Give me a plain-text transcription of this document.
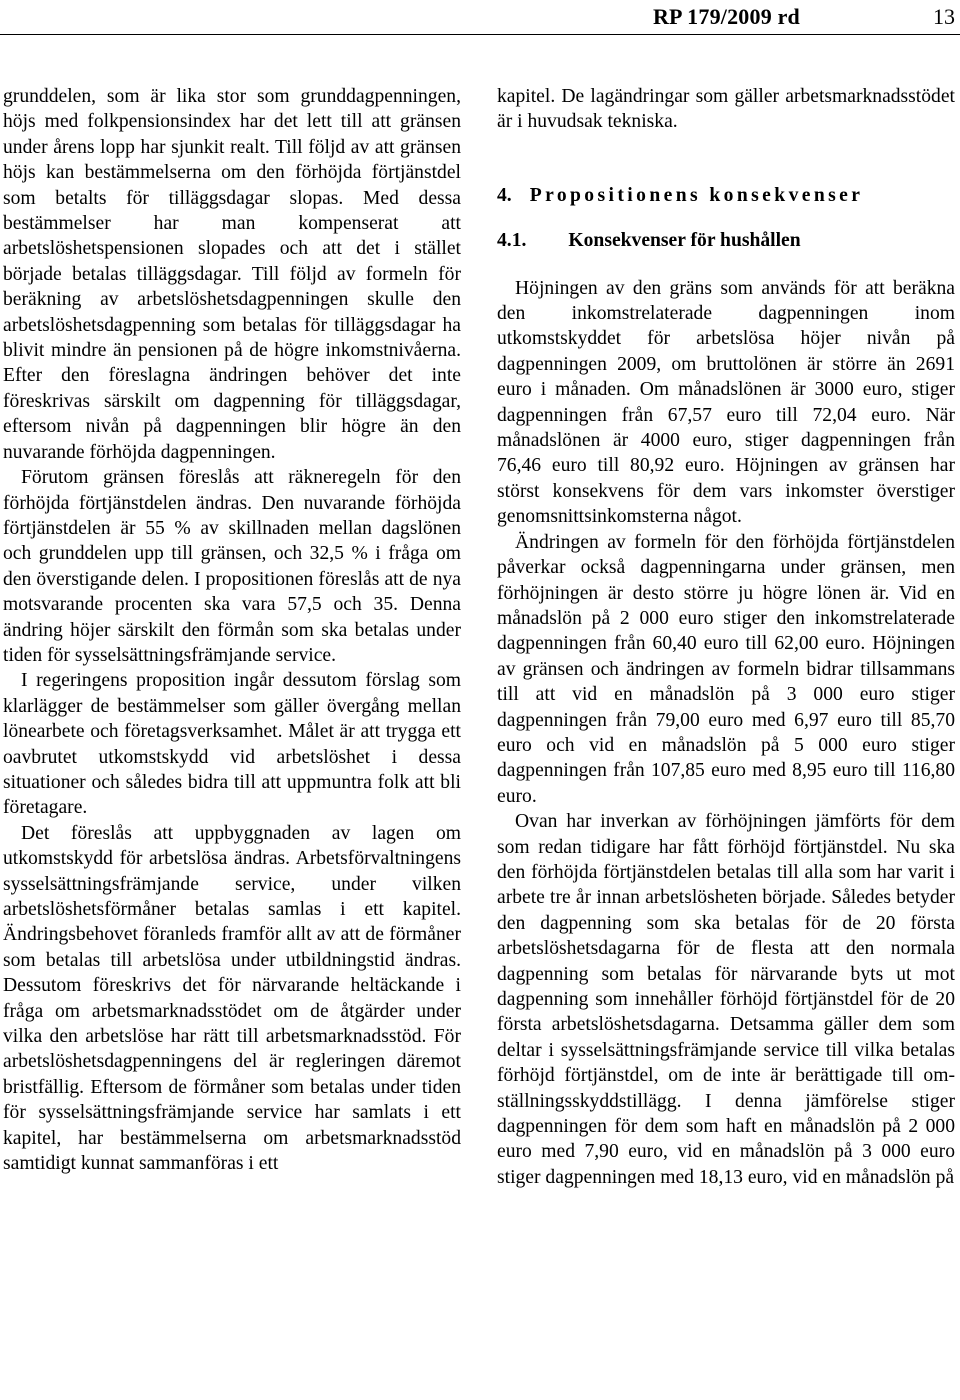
RP 179/2009 rd	13

grunddelen, som är lika stor som grunddagpenningen, höjs med folkpensionsindex har det lett till att gränsen under årens lopp har sjunkit realt. Till följd av att gränsen höjs kan bestämmelserna om den förhöjda förtjänstdel som betalts för tilläggsdagar slopas. Med dessa bestämmelser har man kompenserat att arbetslöshetspensionen slopades och att det i stället började betalas tilläggsdagar. Till följd av formeln för beräkning av arbetslöshetsdagpenningen skulle den arbetslöshetsdagpenning som betalas för tilläggsdagar ha blivit mindre än pensionen på de högre inkomstnivåerna. Efter den föreslagna ändringen behöver det inte föreskrivas särskilt om dagpenning för tilläggsdagar, eftersom nivån på dagpenningen blir högre än den nuvarande förhöjda dagpenningen.

Förutom gränsen föreslås att räkneregeln för den förhöjda förtjänstdelen ändras. Den nuvarande förhöjda förtjänstdelen är 55 % av skillnaden mellan dagslönen och grunddelen upp till gränsen, och 32,5 % i fråga om den överstigande delen. I propositionen föreslås att de nya motsvarande procenten ska vara 57,5 och 35. Denna ändring höjer särskilt den förmån som ska betalas under tiden för sysselsättningsfrämjande service.

I regeringens proposition ingår dessutom förslag som klarlägger de bestämmelser som gäller övergång mellan lönearbete och företagsverksamhet. Målet är att trygga ett oavbrutet utkomstskydd vid arbetslöshet i dessa situationer och således bidra till att uppmuntra folk att bli företagare.

Det föreslås att uppbyggnaden av lagen om utkomstskydd för arbetslösa ändras. Arbetsförvaltningens sysselsättningsfrämjande service, under vilken arbetslöshetsförmåner betalas samlas i ett kapitel. Ändringsbehovet föranleds framför allt av att de förmåner som betalas till arbetslösa under utbildningstid ändras. Dessutom föreskrivs det för närvarande heltäckande i fråga om arbetsmarknadsstödet om de åtgärder under vilka den arbetslöse har rätt till arbetsmarknadsstöd. För arbetslöshetsdagpenningens del är regleringen däremot bristfällig. Eftersom de förmåner som betalas under tiden för sysselsättningsfrämjande service har samlats i ett kapitel, har bestämmelserna om arbetsmarknadsstöd samtidigt kunnat sammanföras i ett

kapitel. De lagändringar som gäller arbetsmarknadsstödet är i huvudsak tekniska.

4. Propositionens konsekvenser
4.1. Konsekvenser för hushållen

Höjningen av den gräns som används för att beräkna den inkomstrelaterade dagpenningen inom utkomstskyddet för arbetslösa höjer nivån på dagpenningen 2009, om bruttolönen är större än 2691 euro i månaden. Om månadslönen är 3000 euro, stiger dagpenningen från 67,57 euro till 72,04 euro. När månadslönen är 4000 euro, stiger dagpenningen från 76,46 euro till 80,92 euro. Höjningen av gränsen har störst konsekvens för dem vars inkomster överstiger genomsnittsinkomsterna något.

Ändringen av formeln för den förhöjda förtjänstdelen påverkar också dagpenningarna under gränsen, men förhöjningen är desto större ju högre lönen är. Vid en månadslön på 2 000 euro stiger den inkomstrelaterade dagpenningen från 60,40 euro till 62,00 euro. Höjningen av gränsen och ändringen av formeln bidrar tillsammans till att vid en månadslön på 3 000 euro stiger dagpenningen från 79,00 euro med 6,97 euro till 85,70 euro och vid en månadslön på 5 000 euro stiger dagpenningen från 107,85 euro med 8,95 euro till 116,80 euro.

Ovan har inverkan av förhöjningen jämförts för dem som redan tidigare har fått förhöjd förtjänstdel. Nu ska den förhöjda förtjänstdelen betalas till alla som har varit i arbete tre år innan arbetslösheten började. Således betyder den dagpenning som ska betalas för de 20 första arbetslöshetsdagarna för de flesta att den normala dagpenning som betalas för närvarande byts ut mot dagpenning som innehåller förhöjd förtjänstdel för de 20 första arbetslöshetsdagarna. Detsamma gäller dem som deltar i sysselsättningsfrämjande service till vilka betalas förhöjd förtjänstdel, om de inte är berättigade till omställningsskyddstillägg. I denna jämförelse stiger dagpenningen för dem som haft en månadslön på 2 000 euro med 7,90 euro, vid en månadslön på 3 000 euro stiger dagpenningen med 18,13 euro, vid en månadslön på
